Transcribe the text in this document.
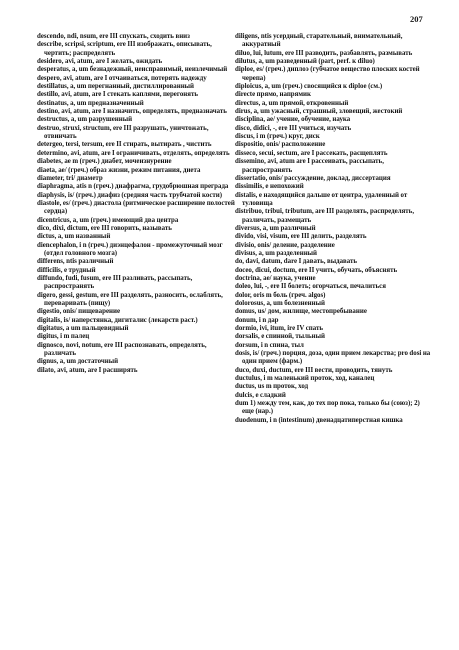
207
descendo, ndi, nsum, ere III спускать, сходить вниз
describe, scripsi, scriptum, ere III изображать, описывать, чертить; распределять
desidero, avi, atum, are I желать, ожидать
desperatus, a, um безнадежный, неисправимый, неизлечимый
despero, avi, atum, are I отчаиваться, потерять надежду
destillatus, a, um перегнанный, дистиллированный
destillo, avi, atum, are I стекать каплями, перегонять
destinatus, a, um предназначенный
destino, avi, atum, are I назначить, определять, предназначать
destructus, a, um разрушенный
destruo, struxi, structum, ere III разрушать, уничтожать, отвинчать
detergeo, tersi, tersum, ere II стирать, вытирать , чистить
determino, avi, atum, are I ограничивать, отделять, определять
diabetes, ae m (греч.) диабет, мочеизнурение
diaeta, ae/ (греч.) образ жизни, режим питания, диета
diameter, tri/ диаметр
diaphragma, atis n (греч.) диафрагма, грудобрюшная преграда
diaphysis, is/ (греч.) диафиз (средняя часть трубчатой кости)
diastole, es/ (греч.) диастола (ритмическое расширение полостей сердца)
dicentricus, a, um (греч.) имеющий два центра
dico, dixi, dictum, ere III говорить, называть
dictus, a, um названный
diencephalon, i n (греч.) диэнцефалон - промежуточный мозг (отдел головного мозга)
differens, ntis различный
difficilis, e трудный
diffundo, fudi, fusum, ere III разливать, рассыпать, распространять
digero, gessi, gestum, ere III разделять, разносить, ослаблять, переваривать (пищу)
digestio, onis/ пищеварение
digitalis, is/ наперстянка, дигиталис (лекарств раст.)
digitatus, a um пальцевидный
digitus, i m палец
dignosco, novi, notum, ere III распознавать, определять, различать
dignus, a, um достаточный
dilato, avi, atum, are I расширять
diligens, ntis усердный, старательный, внимательный, аккуратный
diluo, lui, lutum, ere III разводить, разбавлять, размывать
dilutus, a, um разведенный (part, perf. к diluo)
diploe, es/ (греч.) диплоэ (губчатое вещество плоских костей черепа)
diploicus, a, um (греч.) свосящийся к diploe (см.)
directe прямо, напрямик
directus, a, um прямой, откровенный
dirus, a, um ужасный, страшный, зловещий, жестокий
disciplina, ae/ учение, обучение, наука
disco, didici, -, ere III учиться, изучать
discus, i m (греч.) круг, диск
dispositio, onis/ расположение
disseco, secui, sectum, are I рассекать, расщеплять
dissemino, avi, atum are I рассеивать, рассыпать, распространять
dissertatio, onis/ рассуждение, доклад, диссертация
dissimilis, e непохожий
distalis, e находящийся дальше от центра, удаленный от туловища
distribuo, tribui, tributum, are III разделять, распределять, различать, размещать
diversus, a, um различный
divido, visi, visum, ere III делить, разделять
divisio, onis/ деление, разделение
divisus, a, um разделенный
do, davi, datum, dare I давать, выдавать
doceo, dicui, doctum, ere II учить, обучать, объяснять
doctrina, ae/ наука, учение
doleo, lui, -, ere II болеть; огорчаться, печалиться
dolor, oris m боль (греч. algos)
dolorosus, a, um болезненный
domus, us/ дом, жилище, местопребывание
donum, i n дар
dormio, ivi, itum, ire IV спать
dorsalis, e спинной, тыльный
dorsum, i n спина, тыл
dosis, is/ (греч.) порция, доза, один прием лекарства; pro dosi на один прием (фарм.)
duco, duxi, ductum, ere III вести, проводить, тянуть
ductulus, i m маленький проток, ход, каналец
ductus, us m проток, ход
dulcis, e сладкий
dum 1) между тем, как, до тех пор пока, только бы (союз); 2) еще (нар.)
duodenum, i n (intestinum) двенадцатиперстная кишка
